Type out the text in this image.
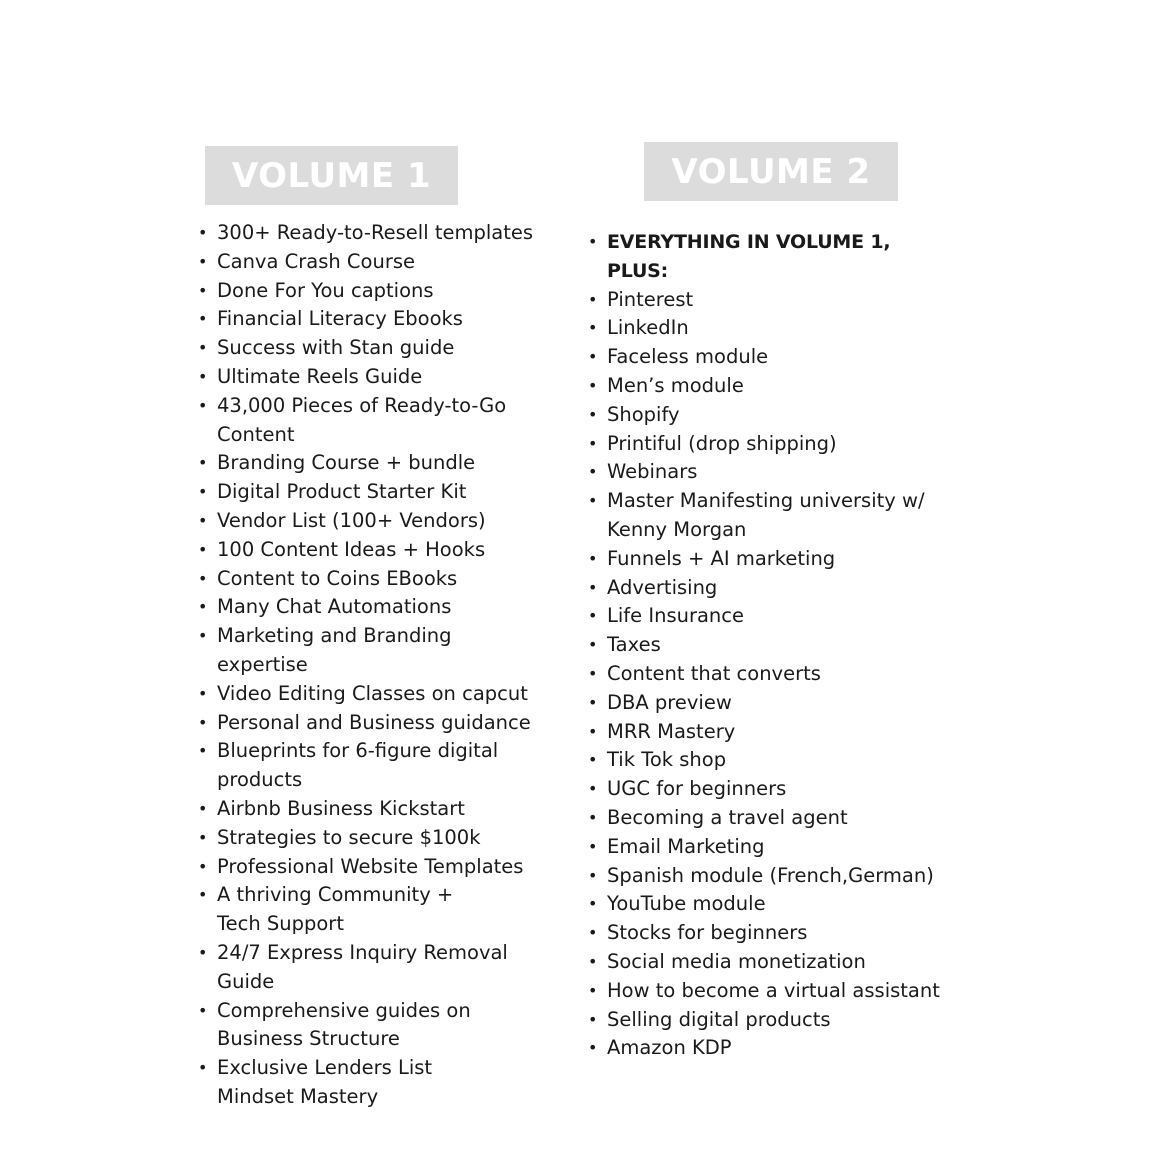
VOLUME 1	VOLUME 2
• 300+ Ready-to-Resell templates
• Canva Crash Course
• Done For You captions
• Financial Literacy Ebooks
• Success with Stan guide
• Ultimate Reels Guide
• 43,000 Pieces of Ready-to-Go Content
• Branding Course + bundle
• Digital Product Starter Kit
• Vendor List (100+ Vendors)
• 100 Content Ideas + Hooks
• Content to Coins EBooks
• Many Chat Automations
• Marketing and Branding expertise
• Video Editing Classes on capcut
• Personal and Business guidance
• Blueprints for 6-figure digital products
• Airbnb Business Kickstart
• Strategies to secure $100k
• Professional Website Templates
• A thriving Community + Tech Support
• 24/7 Express Inquiry Removal Guide
• Comprehensive guides on Business Structure
• Exclusive Lenders List
Mindset Mastery
• EVERYTHING IN VOLUME 1, PLUS:
• Pinterest
• LinkedIn
• Faceless module
• Men’s module
• Shopify
• Printiful (drop shipping)
• Webinars
• Master Manifesting university w/ Kenny Morgan
• Funnels + AI marketing
• Advertising
• Life Insurance
• Taxes
• Content that converts
• DBA preview
• MRR Mastery
• Tik Tok shop
• UGC for beginners
• Becoming a travel agent
• Email Marketing
• Spanish module (French,German)
• YouTube module
• Stocks for beginners
• Social media monetization
• How to become a virtual assistant
• Selling digital products
• Amazon KDP
